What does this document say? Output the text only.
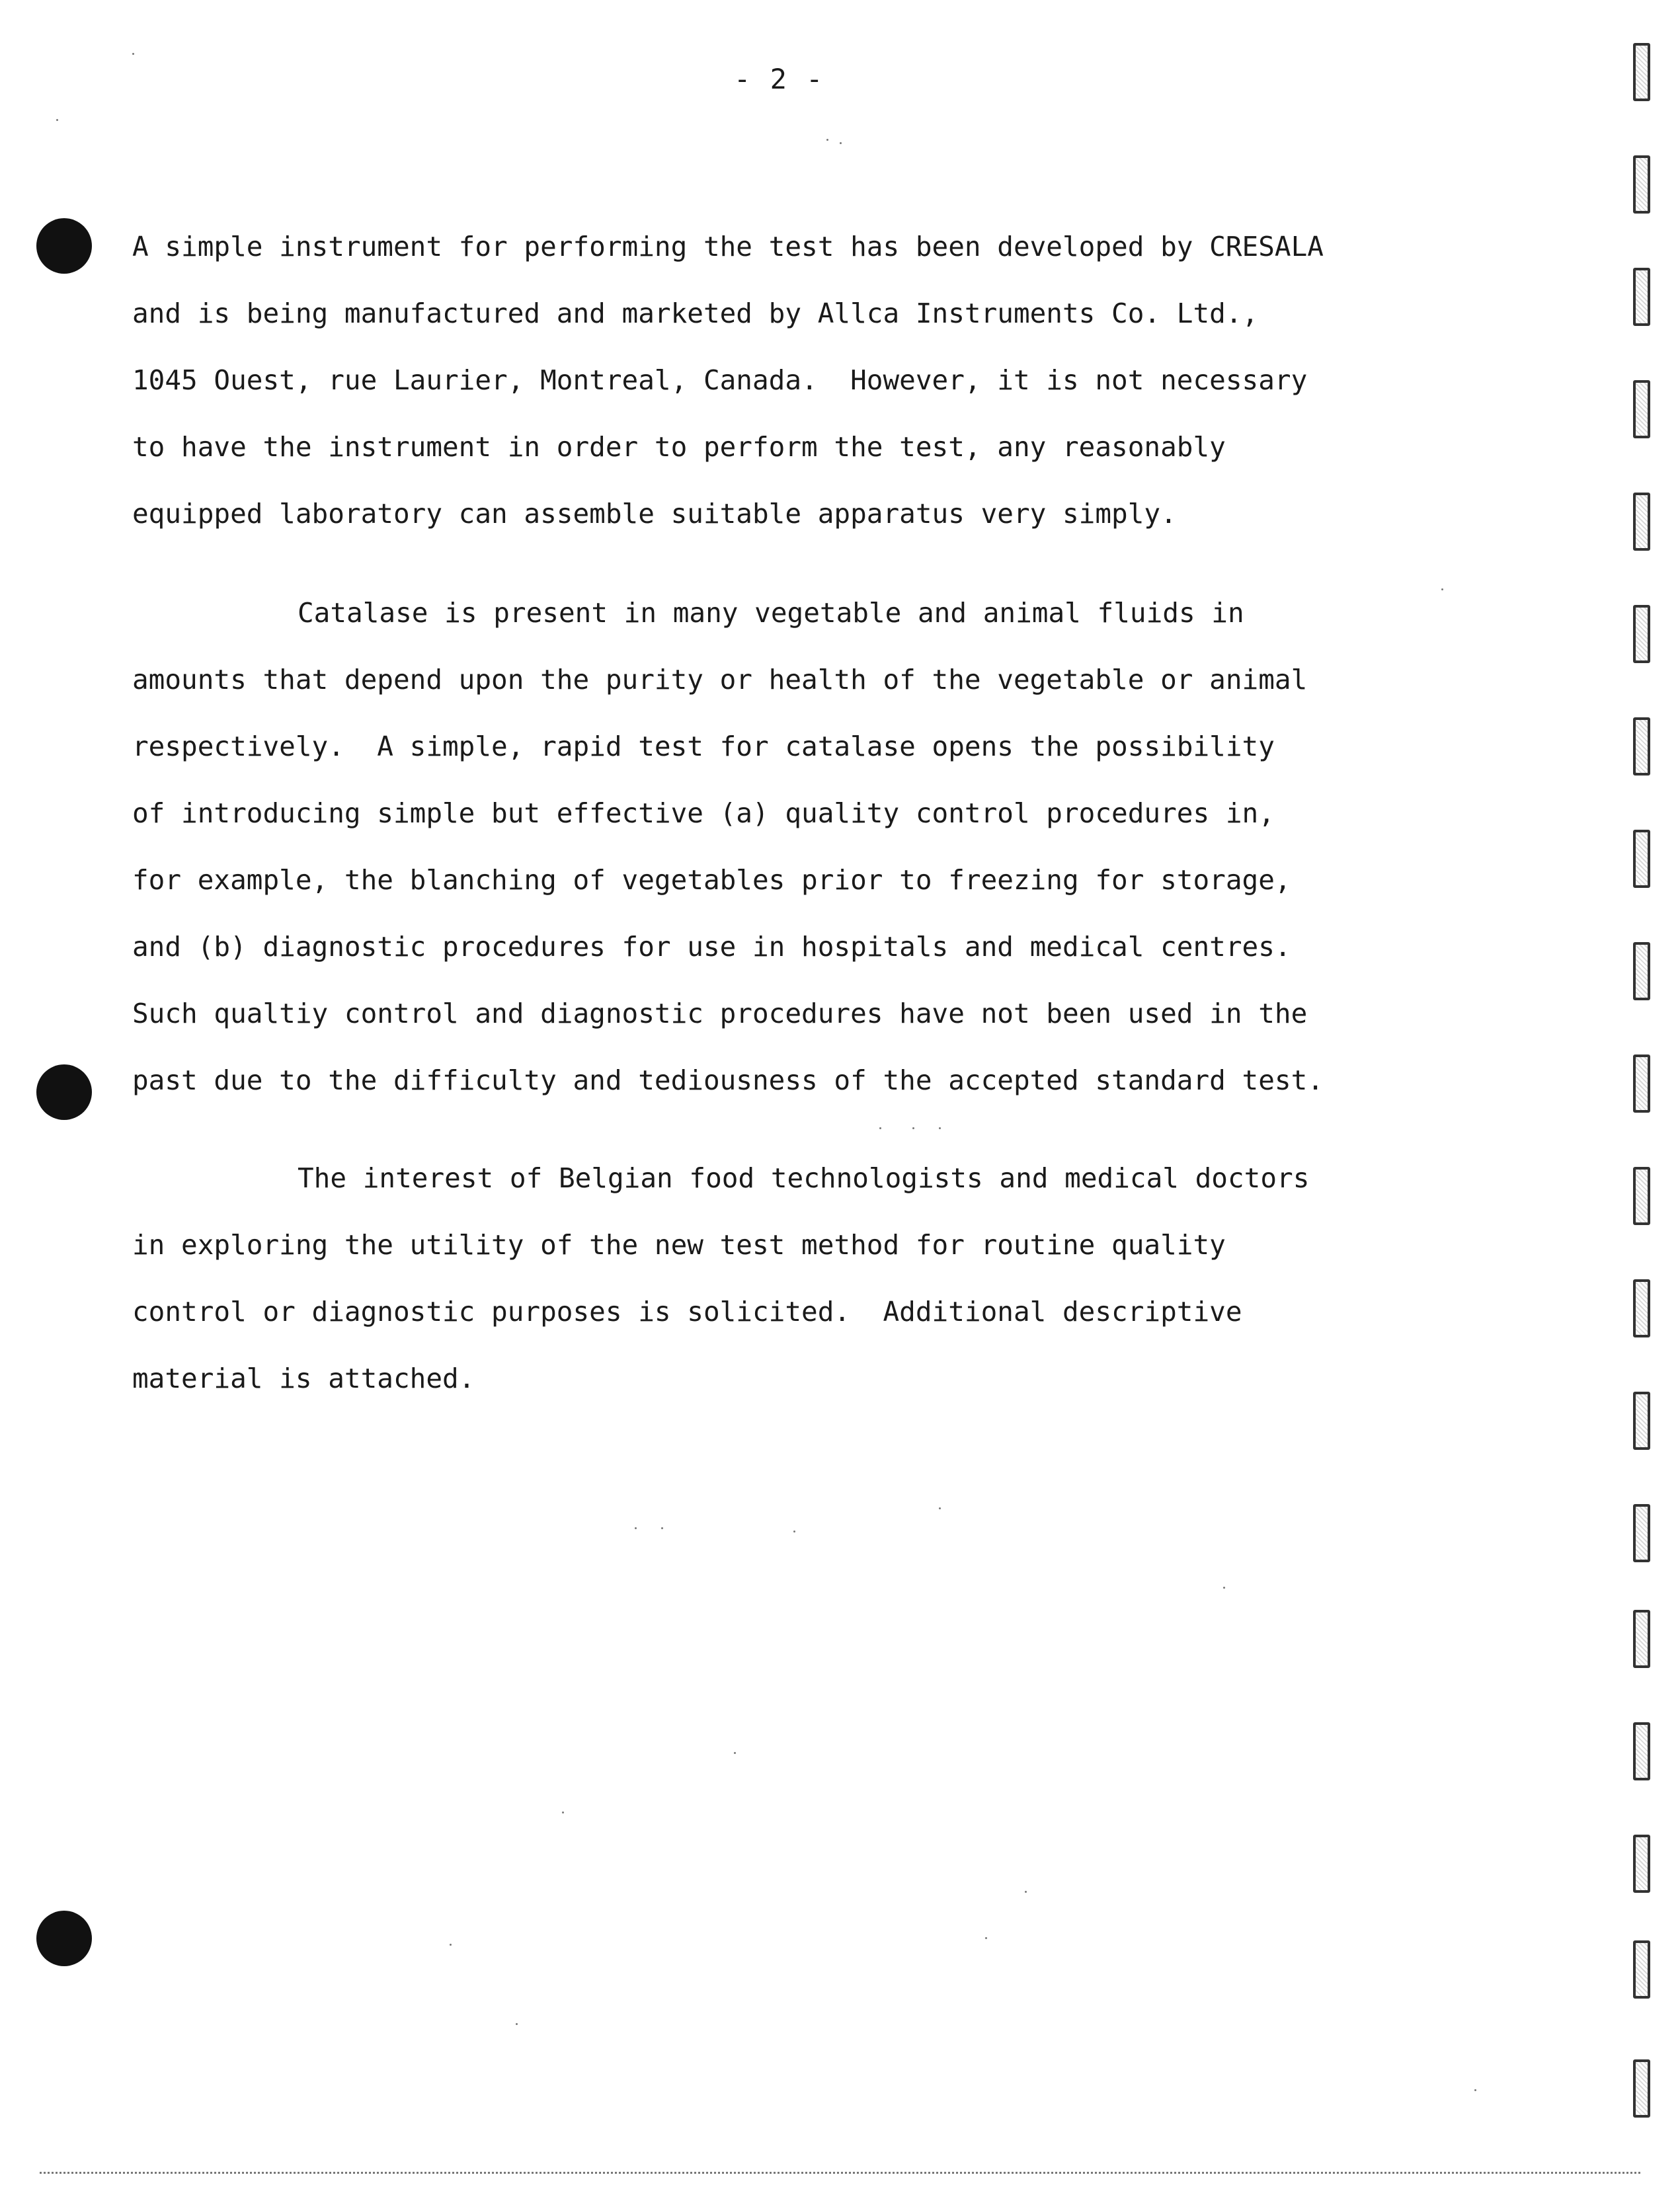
- 2 -
A simple instrument for performing the test has been developed by CRESALA
and is being manufactured and marketed by Allca Instruments Co. Ltd.,
1045 Ouest, rue Laurier, Montreal, Canada.  However, it is not necessary
to have the instrument in order to perform the test, any reasonably
equipped laboratory can assemble suitable apparatus very simply.
Catalase is present in many vegetable and animal fluids in
amounts that depend upon the purity or health of the vegetable or animal
respectively.  A simple, rapid test for catalase opens the possibility
of introducing simple but effective (a) quality control procedures in,
for example, the blanching of vegetables prior to freezing for storage,
and (b) diagnostic procedures for use in hospitals and medical centres.
Such qualtiy control and diagnostic procedures have not been used in the
past due to the difficulty and tediousness of the accepted standard test.
The interest of Belgian food technologists and medical doctors
in exploring the utility of the new test method for routine quality
control or diagnostic purposes is solicited.  Additional descriptive
material is attached.
